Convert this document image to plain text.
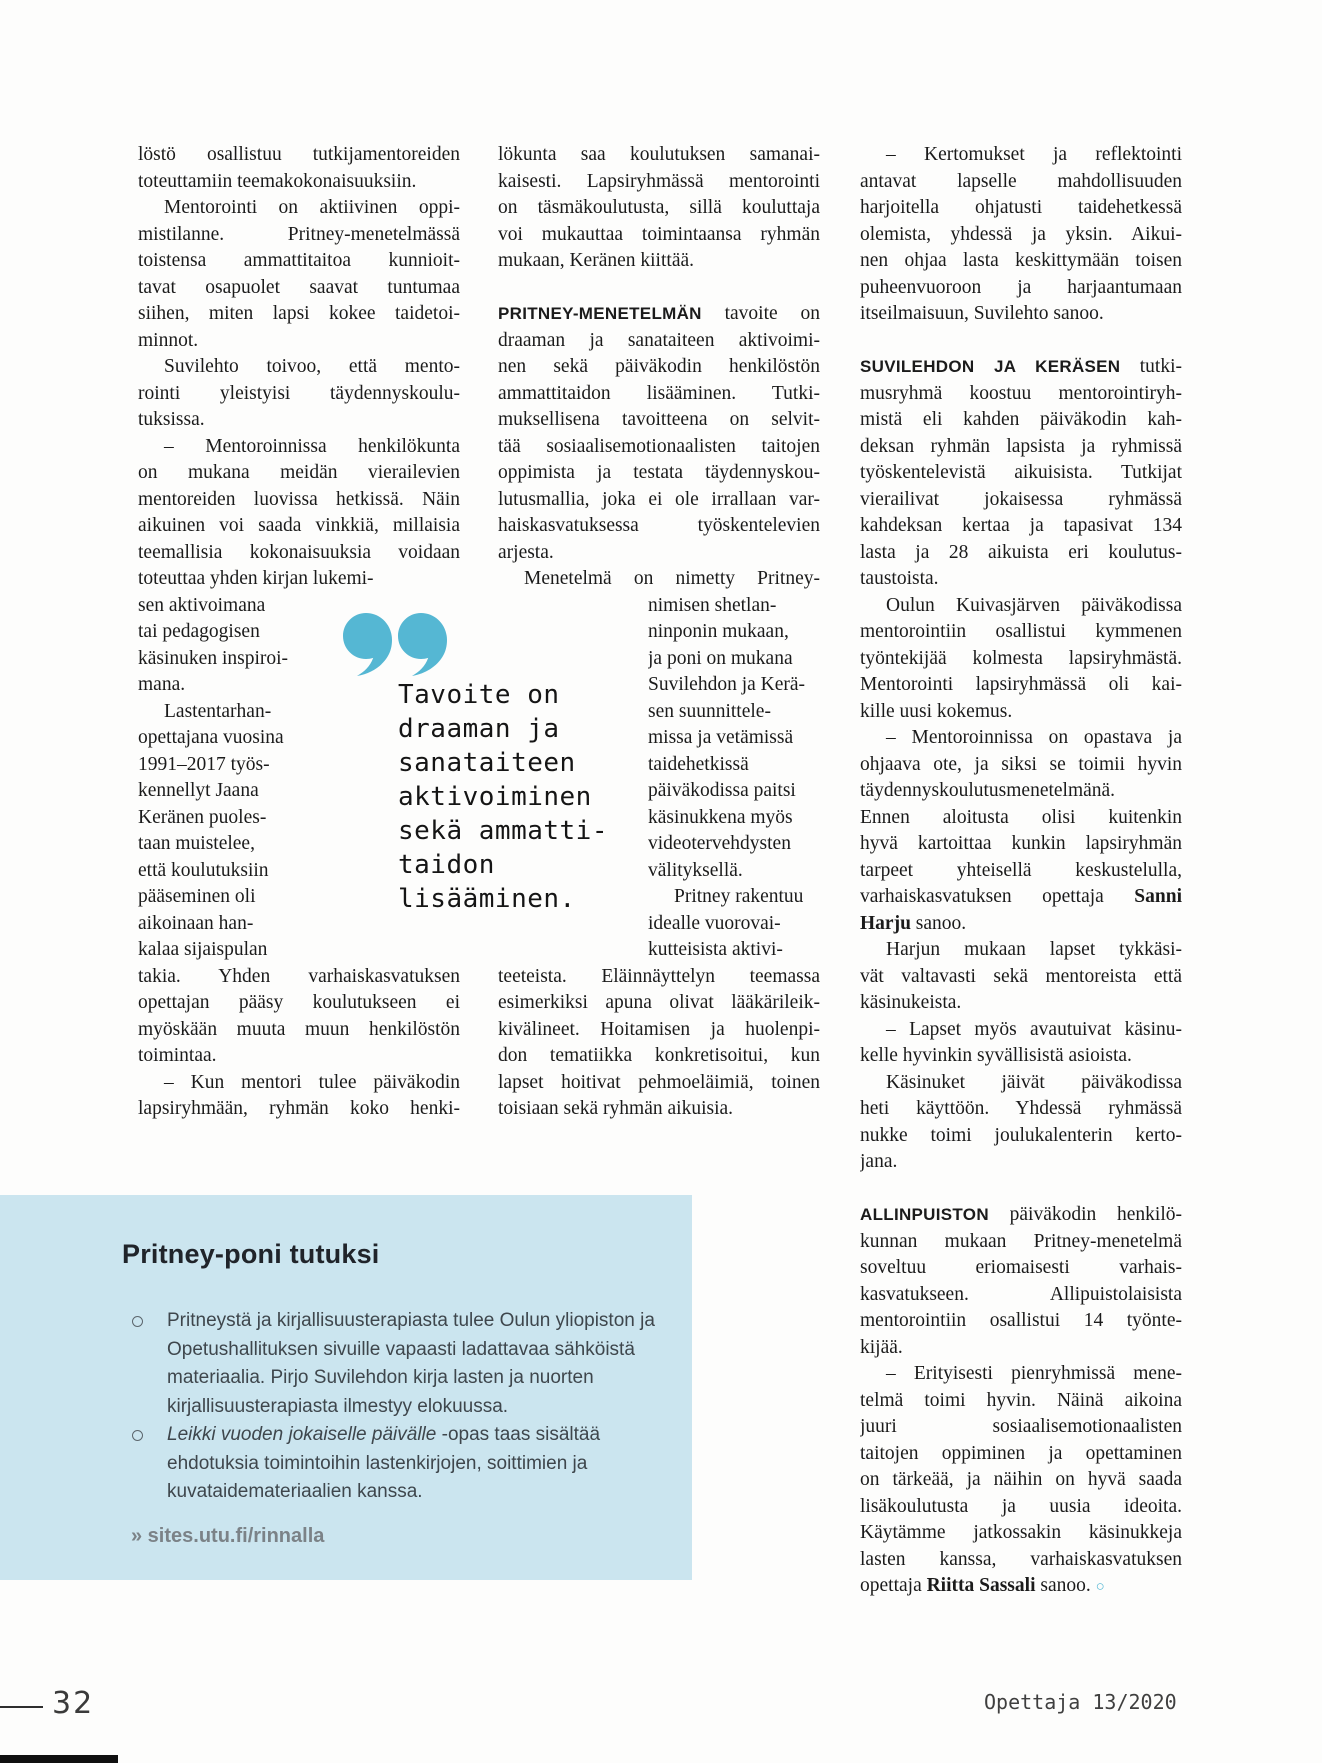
löstö osallistuu tutkijamentoreiden
toteuttamiin teemakokonaisuuksiin.
Mentorointi on aktiivinen oppi-
mistilanne. Pritney-menetelmässä
toistensa ammattitaitoa kunnioit-
tavat osapuolet saavat tuntumaa
siihen, miten lapsi kokee taidetoi-
minnot.
Suvilehto toivoo, että mento-
rointi yleistyisi täydennyskoulu-
tuksissa.
– Mentoroinnissa henkilökunta
on mukana meidän vierailevien
mentoreiden luovissa hetkissä. Näin
aikuinen voi saada vinkkiä, millaisia
teemallisia kokonaisuuksia voidaan
toteuttaa yhden kirjan lukemi-
sen aktivoimana
tai pedagogisen
käsinuken inspiroi-
mana.
Lastentarhan-
opettajana vuosina
1991–2017 työs-
kennellyt Jaana
Keränen puoles-
taan muistelee,
että koulutuksiin
pääseminen oli
aikoinaan han-
kalaa sijaispulan
takia. Yhden varhaiskasvatuksen
opettajan pääsy koulutukseen ei
myöskään muuta muun henkilöstön
toimintaa.
– Kun mentori tulee päiväkodin
lapsiryhmään, ryhmän koko henki-
lökunta saa koulutuksen samanai-
kaisesti. Lapsiryhmässä mentorointi
on täsmäkoulutusta, sillä kouluttaja
voi mukauttaa toimintaansa ryhmän
mukaan, Keränen kiittää.
PRITNEY-MENETELMÄN tavoite on
draaman ja sanataiteen aktivoimi-
nen sekä päiväkodin henkilöstön
ammattitaidon lisääminen. Tutki-
muksellisena tavoitteena on selvit-
tää sosiaalisemotionaalisten taitojen
oppimista ja testata täydennyskou-
lutusmallia, joka ei ole irrallaan var-
haiskasvatuksessa työskentelevien
arjesta.
Menetelmä on nimetty Pritney-
nimisen shetlan-
ninponin mukaan,
ja poni on mukana
Suvilehdon ja Kerä-
sen suunnittele-
missa ja vetämissä
taidehetkissä
päiväkodissa paitsi
käsinukkena myös
videotervehdysten
välityksellä.
Pritney rakentuu
idealle vuorovai-
kutteisista aktivi-
teeteista. Eläinnäyttelyn teemassa
esimerkiksi apuna olivat lääkärileik-
kivälineet. Hoitamisen ja huolenpi-
don tematiikka konkretisoitui, kun
lapset hoitivat pehmoeläimiä, toinen
toisiaan sekä ryhmän aikuisia.
– Kertomukset ja reflektointi
antavat lapselle mahdollisuuden
harjoitella ohjatusti taidehetkessä
olemista, yhdessä ja yksin. Aikui-
nen ohjaa lasta keskittymään toisen
puheenvuoroon ja harjaantumaan
itseilmaisuun, Suvilehto sanoo.
SUVILEHDON JA KERÄSEN tutki-
musryhmä koostuu mentorointiryh-
mistä eli kahden päiväkodin kah-
deksan ryhmän lapsista ja ryhmissä
työskentelevistä aikuisista. Tutkijat
vierailivat jokaisessa ryhmässä
kahdeksan kertaa ja tapasivat 134
lasta ja 28 aikuista eri koulutus-
taustoista.
Oulun Kuivasjärven päiväkodissa
mentorointiin osallistui kymmenen
työntekijää kolmesta lapsiryhmästä.
Mentorointi lapsiryhmässä oli kai-
kille uusi kokemus.
– Mentoroinnissa on opastava ja
ohjaava ote, ja siksi se toimii hyvin
täydennyskoulutusmenetelmänä.
Ennen aloitusta olisi kuitenkin
hyvä kartoittaa kunkin lapsiryhmän
tarpeet yhteisellä keskustelulla,
varhaiskasvatuksen opettaja Sanni
Harju sanoo.
Harjun mukaan lapset tykkäsi-
vät valtavasti sekä mentoreista että
käsinukeista.
– Lapset myös avautuivat käsinu-
kelle hyvinkin syvällisistä asioista.
Käsinuket jäivät päiväkodissa
heti käyttöön. Yhdessä ryhmässä
nukke toimi joulukalenterin kerto-
jana.
ALLINPUISTON päiväkodin henkilö-
kunnan mukaan Pritney-menetelmä
soveltuu eriomaisesti varhais-
kasvatukseen. Allipuistolaisista
mentorointiin osallistui 14 työnte-
kijää.
– Erityisesti pienryhmissä mene-
telmä toimi hyvin. Näinä aikoina
juuri sosiaalisemotionaalisten
taitojen oppiminen ja opettaminen
on tärkeää, ja näihin on hyvä saada
lisäkoulutusta ja uusia ideoita.
Käytämme jatkossakin käsinukkeja
lasten kanssa, varhaiskasvatuksen
opettaja Riitta Sassali sanoo. ○
Tavoite on
draaman ja
sanataiteen
aktivoiminen
sekä ammatti-
taidon
lisääminen.
Pritney-poni tutuksi
Pritneystä ja kirjallisuusterapiasta tulee Oulun yliopiston ja Opetushallituksen sivuille vapaasti ladattavaa sähköistä materiaalia. Pirjo Suvilehdon kirja lasten ja nuorten kirjallisuusterapiasta ilmestyy elokuussa.
Leikki vuoden jokaiselle päivälle -opas taas sisältää ehdotuksia toimintoihin lastenkirjojen, soittimien ja kuvataidemateriaalien kanssa.
» sites.utu.fi/rinnalla
32	Opettaja 13/2020
